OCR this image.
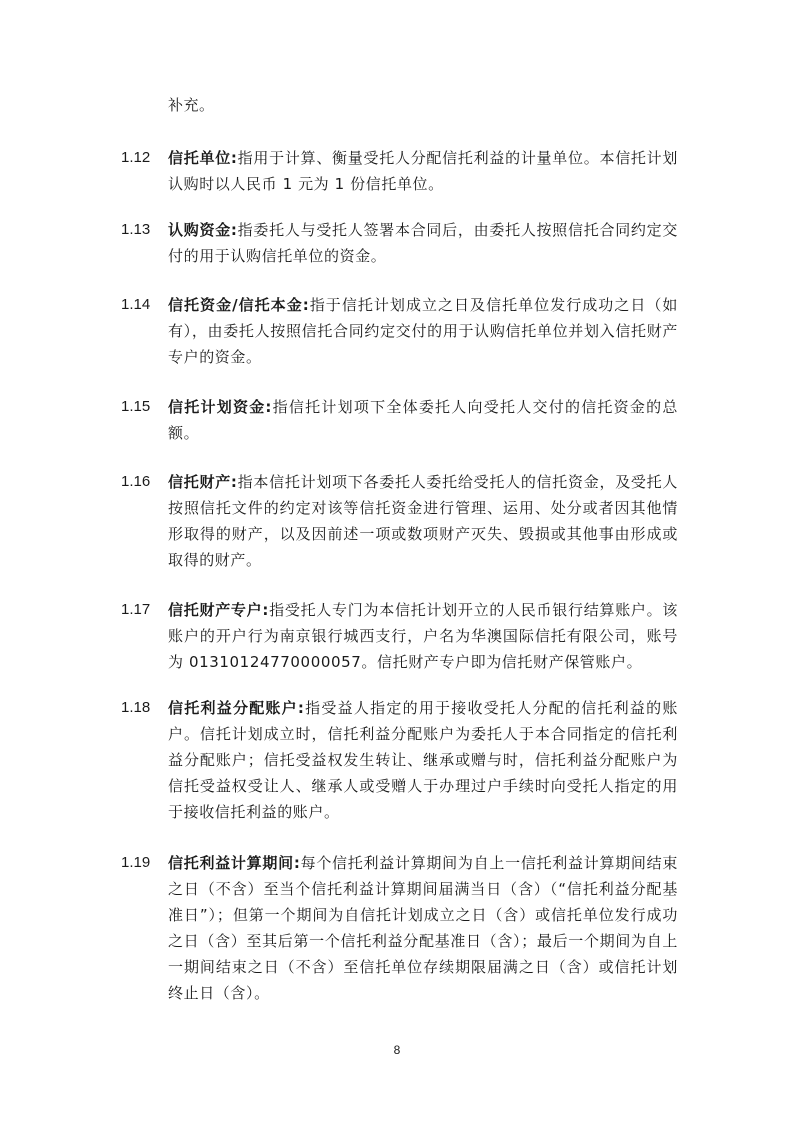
补充。
1.12	信托单位:指用于计算、衡量受托人分配信托利益的计量单位。本信托计划认购时以人民币 1 元为 1 份信托单位。
1.13	认购资金:指委托人与受托人签署本合同后，由委托人按照信托合同约定交付的用于认购信托单位的资金。
1.14	信托资金/信托本金:指于信托计划成立之日及信托单位发行成功之日（如有），由委托人按照信托合同约定交付的用于认购信托单位并划入信托财产专户的资金。
1.15	信托计划资金:指信托计划项下全体委托人向受托人交付的信托资金的总额。
1.16	信托财产:指本信托计划项下各委托人委托给受托人的信托资金，及受托人按照信托文件的约定对该等信托资金进行管理、运用、处分或者因其他情形取得的财产，以及因前述一项或数项财产灭失、毁损或其他事由形成或取得的财产。
1.17	信托财产专户:指受托人专门为本信托计划开立的人民币银行结算账户。该账户的开户行为南京银行城西支行，户名为华澳国际信托有限公司，账号为 01310124770000057。信托财产专户即为信托财产保管账户。
1.18	信托利益分配账户:指受益人指定的用于接收受托人分配的信托利益的账户。信托计划成立时，信托利益分配账户为委托人于本合同指定的信托利益分配账户；信托受益权发生转让、继承或赠与时，信托利益分配账户为信托受益权受让人、继承人或受赠人于办理过户手续时向受托人指定的用于接收信托利益的账户。
1.19	信托利益计算期间:每个信托利益计算期间为自上一信托利益计算期间结束之日（不含）至当个信托利益计算期间届满当日（含）（“信托利益分配基准日”）；但第一个期间为自信托计划成立之日（含）或信托单位发行成功之日（含）至其后第一个信托利益分配基准日（含）；最后一个期间为自上一期间结束之日（不含）至信托单位存续期限届满之日（含）或信托计划终止日（含）。
8
